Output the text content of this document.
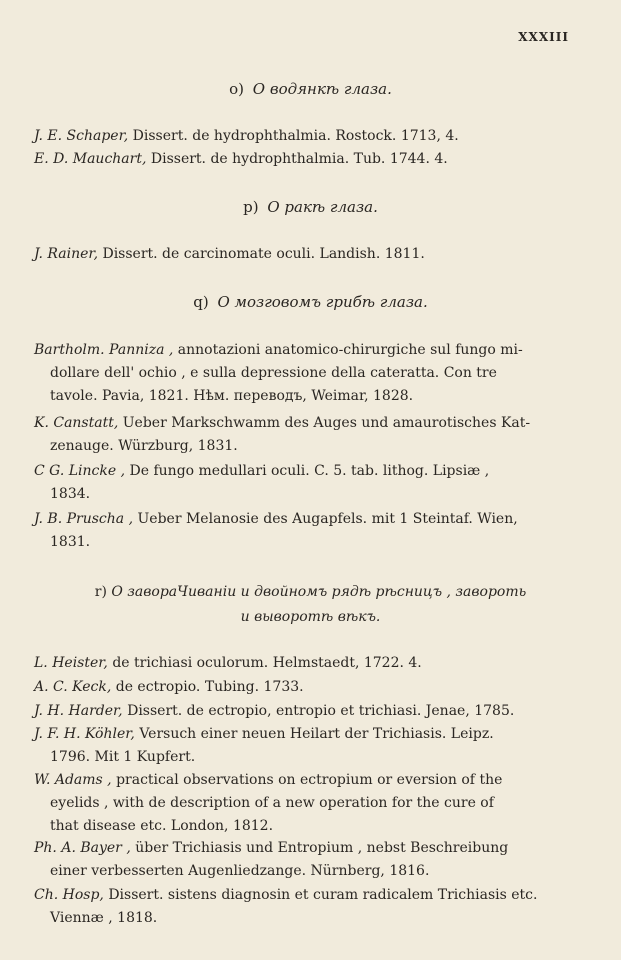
XXXIII
o) О водянкѣ глаза.
J. E. Schaper, Dissert. de hydrophthalmia. Rostock. 1713, 4.
E. D. Mauchart, Dissert. de hydrophthalmia. Tub. 1744. 4.
p) О ракѣ глаза.
J. Rainer, Dissert. de carcinomate oculi. Landish. 1811.
q) О мозговомъ грибѣ глаза.
Bartholm. Panniza , annotazioni anatomico-chirurgiche sul fungo mi-
dollare dell' ochio , e sulla depressione della cateratta. Con tre
tavole. Pavia, 1821. Нѣм. переводъ, Weimar, 1828.
K. Canstatt, Ueber Markschwamm des Auges und amaurotisches Kat-
zenauge. Würzburg, 1831.
C G. Lincke , De fungo medullari oculi. C. 5. tab. lithog. Lipsiæ ,
1834.
J. B. Pruscha , Ueber Melanosie des Augapfels. mit 1 Steintaf. Wien,
1831.
r) О завораЧиваніи и двойномъ рядѣ рѣсницъ , завороть
и выворотѣ вѣкъ.
L. Heister, de trichiasi oculorum. Helmstaedt, 1722. 4.
A. C. Keck, de ectropio. Tubing. 1733.
J. H. Harder, Dissert. de ectropio, entropio et trichiasi. Jenae, 1785.
J. F. H. Köhler, Versuch einer neuen Heilart der Trichiasis. Leipz.
1796. Mit 1 Kupfert.
W. Adams , practical observations on ectropium or eversion of the
eyelids , with de description of a new operation for the cure of
that disease etc. London, 1812.
Ph. A. Bayer , über Trichiasis und Entropium , nebst Beschreibung
einer verbesserten Augenliedzange. Nürnberg, 1816.
Ch. Hosp, Dissert. sistens diagnosin et curam radicalem Trichiasis etc.
Viennæ , 1818.
